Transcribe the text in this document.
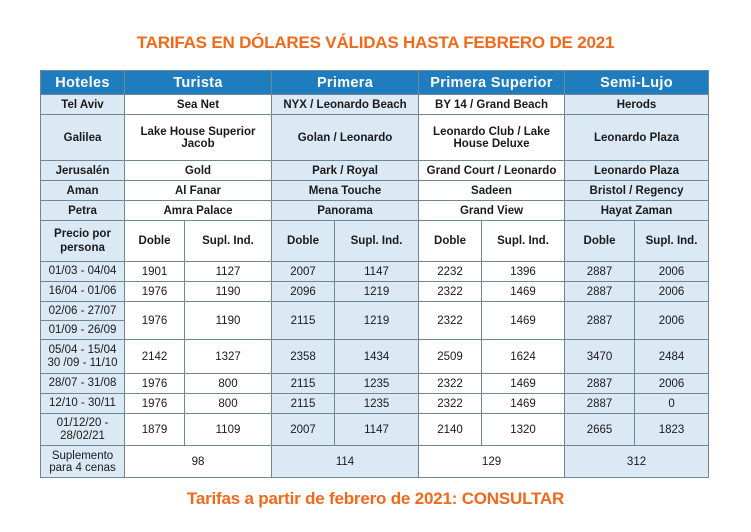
TARIFAS EN DÓLARES VÁLIDAS HASTA FEBRERO DE 2021
Hoteles	Turista		Primera		Primera Superior		Semi-Lujo	
Tel Aviv	Sea Net		NYX / Leonardo Beach		BY 14 / Grand Beach		Herods	
Galilea	Lake House Superior Jacob		Golan / Leonardo		Leonardo Club / Lake House Deluxe		Leonardo Plaza	
Jerusalén	Gold		Park / Royal		Grand Court / Leonardo		Leonardo Plaza	
Aman	Al Fanar		Mena Touche		Sadeen		Bristol / Regency	
Petra	Amra Palace		Panorama		Grand View		Hayat Zaman	
Precio por persona	Doble	Supl. Ind.	Doble	Supl. Ind.	Doble	Supl. Ind.	Doble	Supl. Ind.
01/03 - 04/04	1901	1127	2007	1147	2232	1396	2887	2006
16/04 - 01/06	1976	1190	2096	1219	2322	1469	2887	2006
02/06 - 27/07	1976	1190	2115	1219	2322	1469	2887	2006
01/09 - 26/09								

05/04 - 15/04
30 /09 - 11/10	2142	1327	2358	1434	2509	1624	3470	2484
28/07 - 31/08	1976	800	2115	1235	2322	1469	2887	2006
12/10 - 30/11	1976	800	2115	1235	2322	1469	2887	0

01/12/20 -
28/02/21	1879	1109	2007	1147	2140	1320	2665	1823

Suplemento
para 4 cenas	98		114		129		312	
Tarifas a partir de febrero de 2021: CONSULTAR
